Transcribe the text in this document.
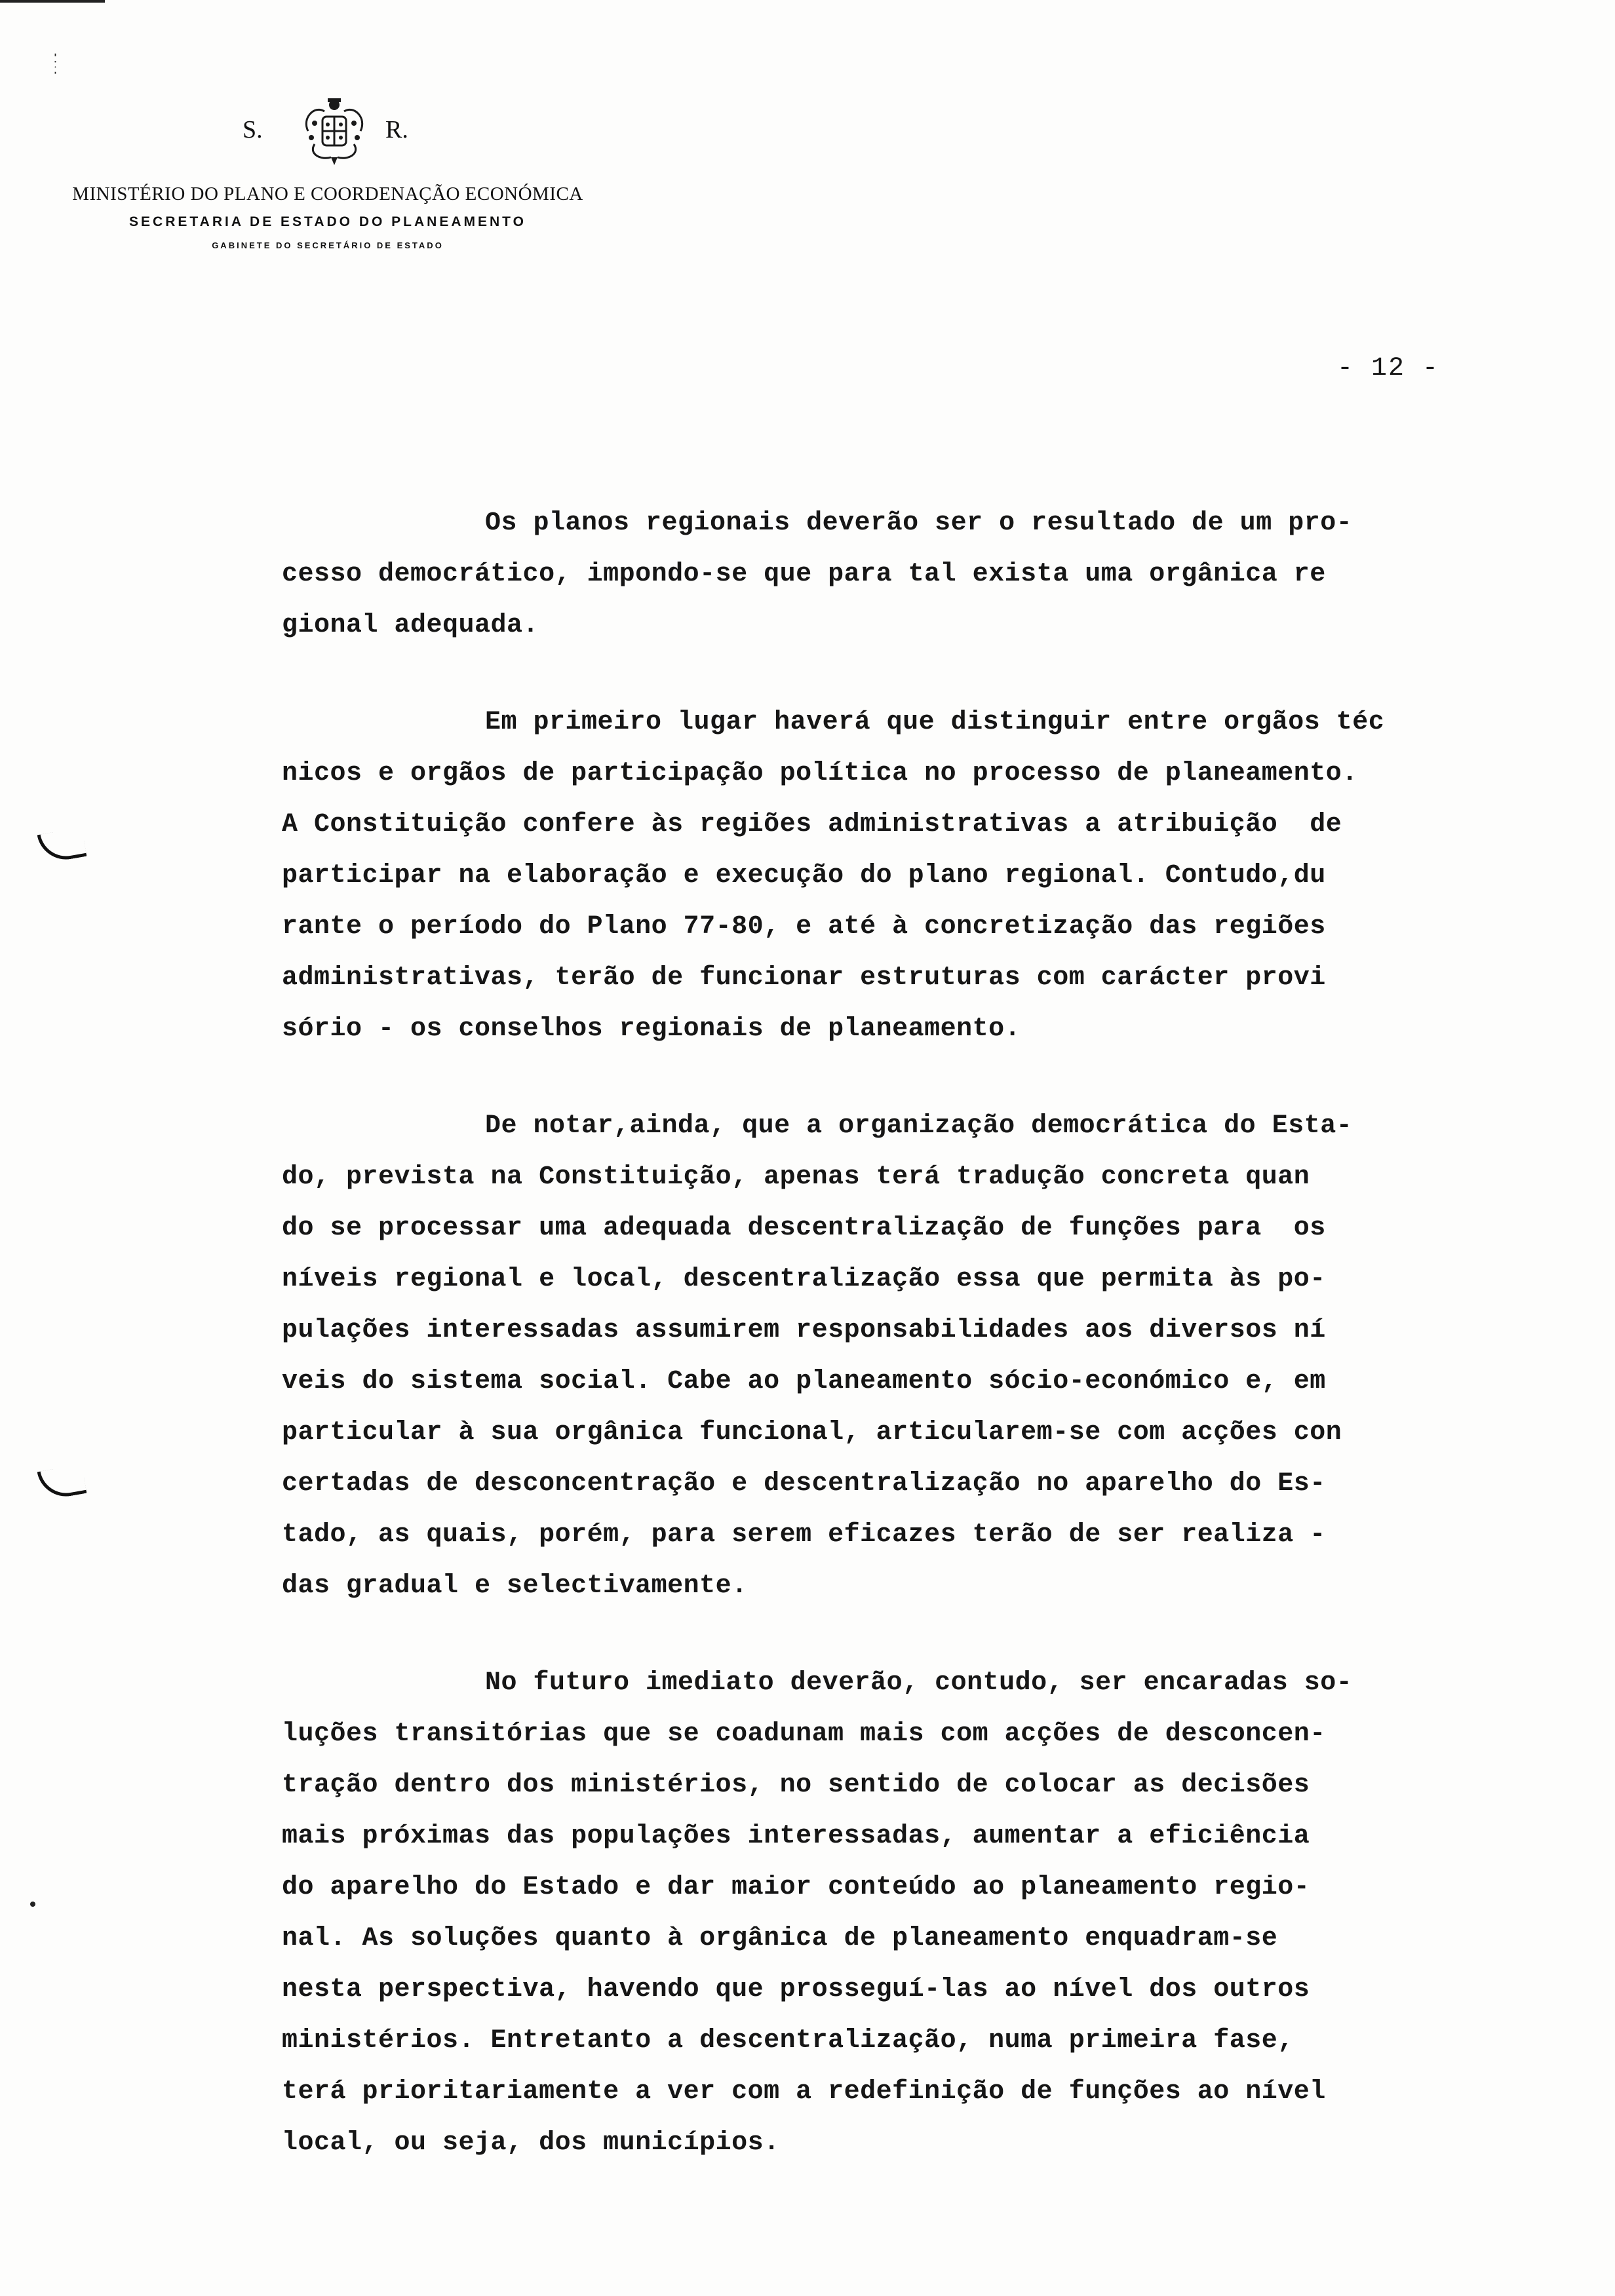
S.	R.
MINISTÉRIO DO PLANO E COORDENAÇÃO ECONÓMICA
SECRETARIA DE ESTADO DO PLANEAMENTO
GABINETE DO SECRETÁRIO DE ESTADO
- 12 -
Os planos regionais deverão ser o resultado de um pro-
cesso democrático, impondo-se que para tal exista uma orgânica re
gional adequada.
Em primeiro lugar haverá que distinguir entre orgãos téc
nicos e orgãos de participação política no processo de planeamento.
A Constituição confere às regiões administrativas a atribuição  de
participar na elaboração e execução do plano regional. Contudo,du
rante o período do Plano 77-80, e até à concretização das regiões
administrativas, terão de funcionar estruturas com carácter provi
sório - os conselhos regionais de planeamento.
De notar,ainda, que a organização democrática do Esta-
do, prevista na Constituição, apenas terá tradução concreta quan
do se processar uma adequada descentralização de funções para  os
níveis regional e local, descentralização essa que permita às po-
pulações interessadas assumirem responsabilidades aos diversos ní
veis do sistema social. Cabe ao planeamento sócio-económico e, em
particular à sua orgânica funcional, articularem-se com acções con
certadas de desconcentração e descentralização no aparelho do Es-
tado, as quais, porém, para serem eficazes terão de ser realiza -
das gradual e selectivamente.
No futuro imediato deverão, contudo, ser encaradas so-
luções transitórias que se coadunam mais com acções de desconcen-
tração dentro dos ministérios, no sentido de colocar as decisões
mais próximas das populações interessadas, aumentar a eficiência
do aparelho do Estado e dar maior conteúdo ao planeamento regio-
nal. As soluções quanto à orgânica de planeamento enquadram-se
nesta perspectiva, havendo que prosseguí-las ao nível dos outros
ministérios. Entretanto a descentralização, numa primeira fase,
terá prioritariamente a ver com a redefinição de funções ao nível
local, ou seja, dos municípios.
